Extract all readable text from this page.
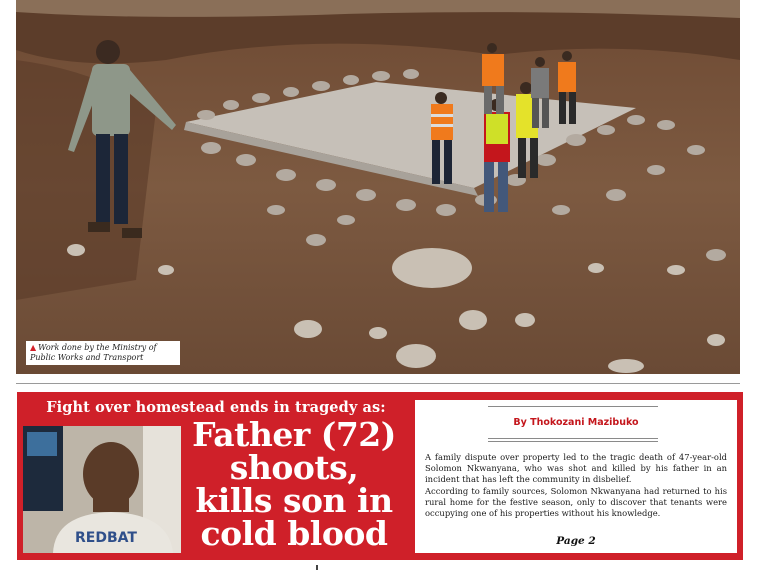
▲ Work done by the Ministry of Public Works and Transport
Fight over homestead ends in tragedy as:
REDBAT
Father (72)
shoots,
kills son in
cold blood
By Thokozani Mazibuko

A family dispute over property led to the tragic death of 47-year-old Solomon Nkwanyana, who was shot and killed by his father in an incident that has left the community in disbelief.

According to family sources, Solomon Nkwanyana had returned to his rural home for the festive season, only to discover that tenants were occupying one of his properties without his knowledge.

Page 2
